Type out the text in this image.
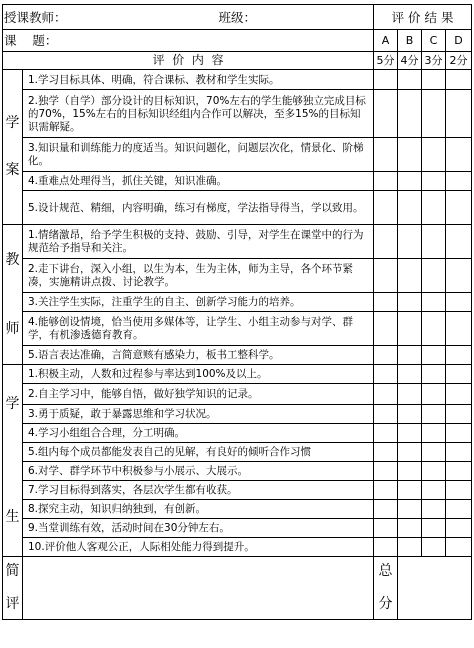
授课教师： 班级：		评 价 结 果			
课    题：		A	B	C	D
评  价  内  容		5分	4分	3分	2分

学
案	1.学习目标具体、明确，符合课标、教材和学生实际。				
	2.独学（自学）部分设计的目标知识，70%左右的学生能够独立完成目标的70%，15%左右的目标知识经组内合作可以解决，至多15%的目标知识需解疑。				
	3.知识量和训练能力的度适当。知识问题化，问题层次化，情景化、阶梯化。				
	4.重难点处理得当，抓住关键，知识准确。				
	5.设计规范、精细，内容明确，练习有梯度，学法指导得当，学以致用。				

教
师	1.情绪激昂，给予学生积极的支持、鼓励、引导，对学生在课堂中的行为规范给予指导和关注。				
	2.走下讲台，深入小组，以生为本，生为主体，师为主导，各个环节紧凑，实施精讲点拨、讨论教学。				
	3.关注学生实际，注重学生的自主、创新学习能力的培养。				
	4.能够创设情境，恰当使用多媒体等，让学生、小组主动参与对学、群学，有机渗透德育教育。				
	5.语言表达准确，言简意赅有感染力，板书工整科学。				

学
生	1.积极主动，人数和过程参与率达到100%及以上。				
	2.自主学习中，能够自悟，做好独学知识的记录。				
	3.勇于质疑，敢于暴露思维和学习状况。				
	4.学习小组组合合理，分工明确。				
	5.组内每个成员都能发表自己的见解，有良好的倾听合作习惯				
	6.对学、群学环节中积极参与小展示、大展示。				
	7.学习目标得到落实，各层次学生都有收获。				
	8.探究主动，知识归纳独到，有创新。				
	9.当堂训练有效，活动时间在30分钟左右。				
	10.评价他人客观公正，人际相处能力得到提升。				

简
评		总
分			
